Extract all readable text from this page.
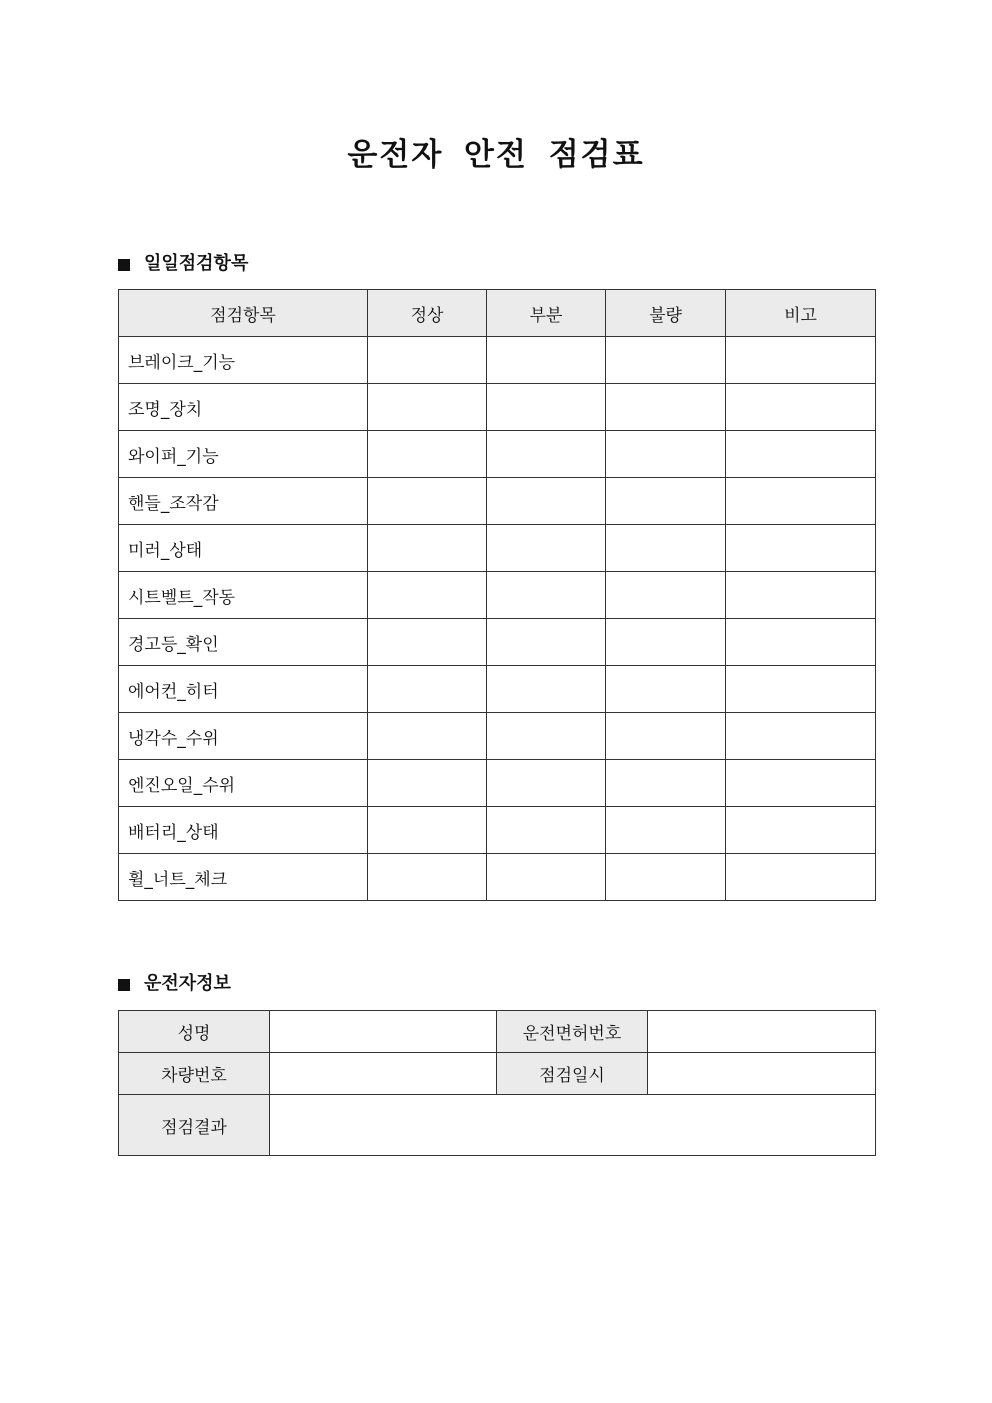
운전자 안전 점검표
일일점검항목
점검항목	정상	부분	불량	비고
브레이크_기능				
조명_장치				
와이퍼_기능				
핸들_조작감				
미러_상태				
시트벨트_작동				
경고등_확인				
에어컨_히터				
냉각수_수위				
엔진오일_수위				
배터리_상태				
휠_너트_체크				
운전자정보
성명		운전면허번호	
차량번호		점검일시	
점검결과			
